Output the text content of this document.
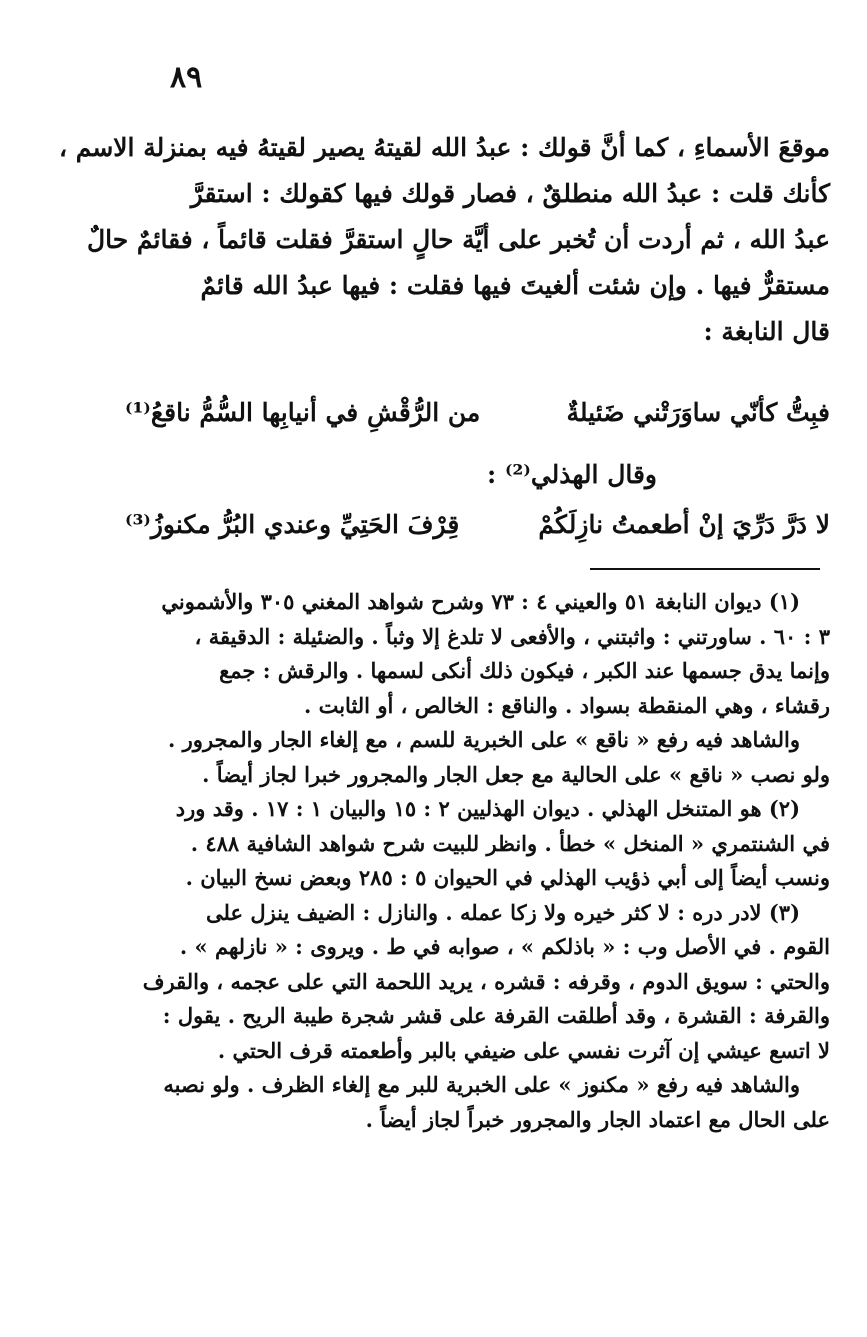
٨٩
موقعَ الأسماءِ ، كما أنَّ قولك : عبدُ الله لقيتهُ يصير لقيتهُ فيه بمنزلة الاسم ،
كأنك قلت : عبدُ الله منطلقٌ ، فصار قولك فيها كقولك : استقرَّ
عبدُ الله ، ثم أردت أن تُخبر على أيَّة حالٍ استقرَّ فقلت قائماً ، فقائمٌ حالٌ
مستقرٌّ فيها . وإن شئت ألغيتَ فيها فقلت : فيها عبدُ الله قائمٌ
قال النابغة :
فبِتُّ كأنّي ساوَرَتْني ضَئيلةٌ
من الرُّقْشِ في أنيابِها السُّمُّ ناقعُ⁽¹⁾
وقال الهذلي⁽²⁾ :
لا دَرَّ دَرِّيَ إنْ أطعمتُ نازِلَكُمْ
قِرْفَ الحَتِيِّ وعندي البُرُّ مكنوزُ⁽³⁾
(١) ديوان النابغة ٥١ والعيني ٤ : ٧٣ وشرح شواهد المغني ٣٠٥ والأشموني
٣ : ٦٠ . ساورتني : واثبتني ، والأفعى لا تلدغ إلا وثباً . والضئيلة : الدقيقة ،
وإنما يدق جسمها عند الكبر ، فيكون ذلك أنكى لسمها . والرقش : جمع
رقشاء ، وهي المنقطة بسواد . والناقع : الخالص ، أو الثابت .
والشاهد فيه رفع « ناقع » على الخبرية للسم ، مع إلغاء الجار والمجرور .
ولو نصب « ناقع » على الحالية مع جعل الجار والمجرور خبرا لجاز أيضاً .
(٢) هو المتنخل الهذلي . ديوان الهذليين ٢ : ١٥ والبيان ١ : ١٧ . وقد ورد
في الشنتمري « المنخل » خطأ . وانظر للبيت شرح شواهد الشافية ٤٨٨ .
ونسب أيضاً إلى أبي ذؤيب الهذلي في الحيوان ٥ : ٢٨٥ وبعض نسخ البيان .
(٣) لادر دره : لا كثر خيره ولا زكا عمله . والنازل : الضيف ينزل على
القوم . في الأصل وب : « باذلكم » ، صوابه في ط . ويروى : « نازلهم » .
والحتي : سويق الدوم ، وقرفه : قشره ، يريد اللحمة التي على عجمه ، والقرف
والقرفة : القشرة ، وقد أطلقت القرفة على قشر شجرة طيبة الريح . يقول :
لا اتسع عيشي إن آثرت نفسي على ضيفي بالبر وأطعمته قرف الحتي .
والشاهد فيه رفع « مكنوز » على الخبرية للبر مع إلغاء الظرف . ولو نصبه
على الحال مع اعتماد الجار والمجرور خبراً لجاز أيضاً .
